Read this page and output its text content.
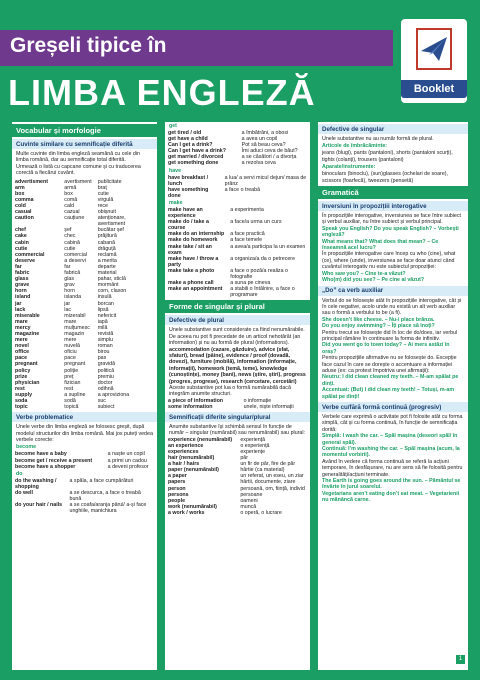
Greșeli tipice în
LIMBA ENGLEZĂ	Booklet
Vocabular și morfologie
Cuvinte similare cu semnificație diferită
Multe cuvinte din limba engleză seamănă cu cele din limba română, dar au semnificație total diferită.
Urmează o listă cu capcane comune și cu traducerea corectă a fiecărui cuvânt.
advertisment	avertisment	publicitate
arm	armă	braț
box	box	cutie
comma	comă	virgulă
cold	cald	rece
casual	cazual	obișnuit
caution	cauțiune	atenționare, avertisment
chef	șef	bucătar șef
cake	chec	prăjitură
cabin	cabină	cabană
cutie	cutie	drăguță
commercial	comercial	reclamă
deserve	a deservi	a merita
far	far	departe
fabric	fabrică	material
glass	glas	pahar, sticlă
grave	grav	mormânt
horn	horn	corn, claxon
island	islanda	insulă
jar	jar	borcan
lack	lac	lipsă
miserable	mizerabil	nefericit
mare	mare	iapă
mercy	mulțumesc	milă
magazine	magazin	revistă
mere	mere	simplu
novel	nuvelă	roman
office	oficiu	birou
pace	pace	pas
pregnant	pregnant	gravidă
policy	poliție	politică
prize	preț	premiu
physician	fizician	doctor
rest	rest	odihnă
supply	a supline	a aproviziona
soda	sodă	suc
topic	topică	subiect
Verbe problematice
Unele verbe din limba engleză se folosesc greșit, după modelul structurilor din limba română. Mai jos puteți vedea verbele corecte:
become
become have a baby	a naște un copil
become get / receive a present	a primi un cadou
become have a shopper	a deveni profesor
do
do the washing / shopping	a spăla, a face cumpărături
do well	a se descurca, a face o treabă bună
do your hair / nails	a se coafa/aranja părul/ a-și face unghiile, manichiura
get
get tired / old	a îmbătrâni, a obosi
get have a child	a avea un copil
Can I get a drink?	Pot să beau ceva?
Can I get have a drink?	Îmi aduci ceva de băut?
get married / divorced	a se căsători / a divorța
get something done	a rezolva ceva
have
have breakfast / lunch	a lua/ a servi micul dejun/ masa de prânz
have something done	a face o treabă
make
make have an experience	a experimenta
make do / take a course	a face/a urma un curs
make do an internship	a face practică
make do homework	a face temele
make take / sit an exam	a avea/a participa la un examen
make have / throw a party	a organiza/a da o petrecere
make take a photo	a face o poză/a realiza o fotografie
make a phone call	a suna pe cineva
make an appointment	a stabili o întâlnire, a face o programare
Forme de singular și plural
Defective de plural
Unele substantive sunt considerate ca fiind nenumărabile. De aceea nu pot fi precedate de un articol nehotărât (an information) și nu au formă de plural (informations).
accommodation (cazare, găzduire), advice (sfat, sfaturi), bread (pâine), evidence / proof (dovadă, dovezi), furniture (mobilă), information (informație, informații), homework (temă, teme), knowledge (cunoștințe), money (bani), news (știre, știri), progress (progres, progrese), research (cercetare, cercetări)
Aceste substantive pot lua o formă numărabilă dacă integrăm anumite structuri.
a piece of information	o informație
some information	unele, niște informații
Semnificații diferite singular/plural
Anumite substantive își schimbă sensul în funcție de număr – singular (numărabil) sau nenumărabil) sau plural:
experience (nenumărabil)	experiență
an experience	o experiență
experiences	experiențe
hair (nenumărabil)	păr
a hair / hairs	un fir de păr, fire de păr
paper (nenumărabil)	hârtie (ca material)
a paper	un referat, un eseu, un ziar
papers	hârtii, documente, ziare
person	persoană, om, ființă, individ
persons	persoane
people	oameni
work (nenumărabil)	muncă
a work / works	o operă, o lucrare
Defective de singular
Unele substantive nu au număr formă de plural.
Articole de îmbrăcăminte:
jeans (blugi), pants (pantaloni), shorts (pantaloni scurți), tights (colanți), trousers (pantaloni)
Aparate/instrumente:
binoculars (binoclu), (sun)glasses (ochelari de soare), scissors (foarfecă), tweezers (pensetă)
Gramatică
Inversiuni în propozițiii interogative
În propozițiile interogative, inversiunea se face între subiect și verbul auxiliar, nu între subiect și verbul principal.
Speak you English? Do you speak English? – Vorbești engleză?
What means that? What does that mean? – Ce înseamnă acel lucru?
În propozițiile interogative care încep cu who (cine), what (ce), where (unde), inversiunea se face doar atunci când cuvântul interogativ nu este subiectul propoziției:
Who saw you? – Cine te-a văzut?
Who(m) did you see? – Pe cine ai văzut?
„Do” ca verb auxiliar
Verbul do se folosește atât în propozițiile interogative, cât și în cele negative, acolo unde nu există un alt verb auxiliar sau o formă a verbului to be (a fi).
She doesn’t like cheese. – Nu-i place brânza.
Do you enjoy swimming? – Îți place să înoți?
Pentru trecut se folosește did în loc de do/does, iar verbul principal rămâne în continuare la forma de infinitiv.
Did you went go to town today? – Ai mers astăzi în oraș?
Pentru propozițiile afirmative nu se folosește do. Excepție face cazul în care se dorește o accentuare a informației aduse (ex: ca protest împotriva unei afirmații):
Neutru: I did clean cleaned my teeth. – M-am spălat pe dinți.
Accentuat: (But) I did clean my teeth! – Totuși, m-am spălat pe dinți!
Verbe cu/fără formă continuă (progresiv)
Verbele care exprimă o activitate pot fi folosite atât cu forma simplă, cât și cu forma continuă, în funcție de semnificația dorită:
Simplă: I wash the car. – Spăl mașina (deseori spăl/ în general spăl).
Continuă: I’m washing the car. – Spăl mașina (acum, la momentul vorbirii).
Având în vedere că forma continuă se referă la acțiuni temporare, în desfășurare, nu are sens să fie folosită pentru generalități/acțiuni terminate.
The Earth is going goes around the sun. – Pământul se învârte în jurul soarelui.
Vegetarians aren’t eating don’t eat meat. – Vegetarienii nu mănâncă carne.
1
